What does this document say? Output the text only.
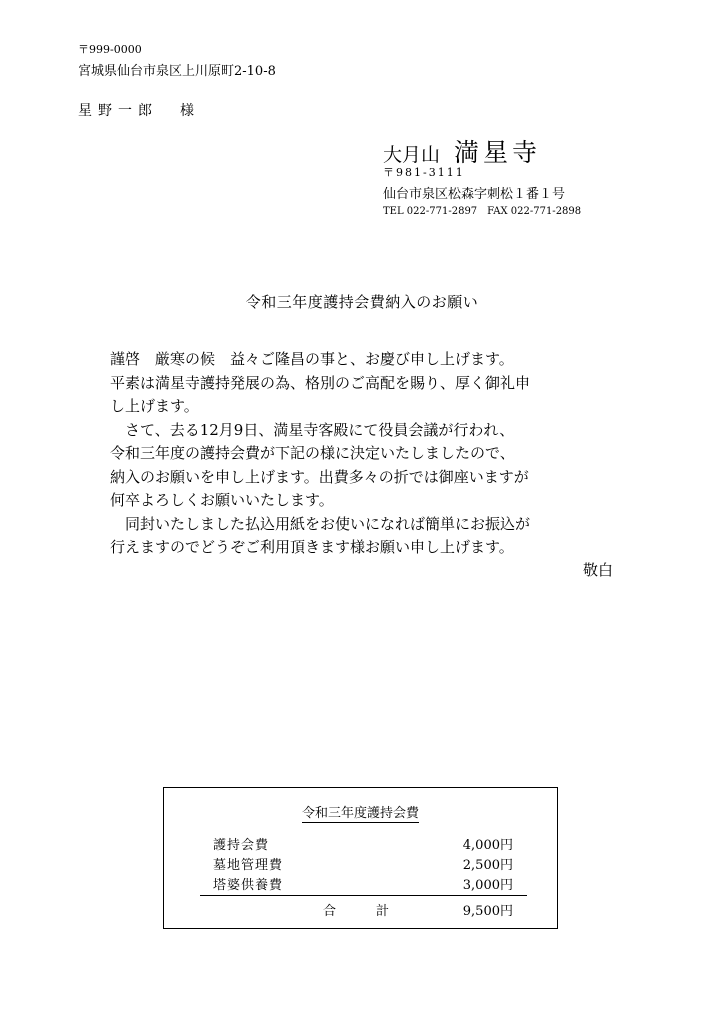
〒999-0000
宮城県仙台市泉区上川原町2-10-8
星野一郎 様
大月山 満星寺
〒981-3111
仙台市泉区松森字刺松１番１号
TEL 022-771-2897　FAX 022-771-2898
令和三年度護持会費納入のお願い
謹啓　厳寒の候　益々ご隆昌の事と、お慶び申し上げます。
平素は満星寺護持発展の為、格別のご高配を賜り、厚く御礼申
し上げます。
　さて、去る12月9日、満星寺客殿にて役員会議が行われ、
令和三年度の護持会費が下記の様に決定いたしましたので、
納入のお願いを申し上げます。出費多々の折では御座いますが
何卒よろしくお願いいたします。
　同封いたしました払込用紙をお使いになれば簡単にお振込が
行えますのでどうぞご利用頂きます様お願い申し上げます。
敬白
令和三年度護持会費
護持会費	4,000円
墓地管理費	2,500円
塔婆供養費	3,000円
合	計	9,500円
